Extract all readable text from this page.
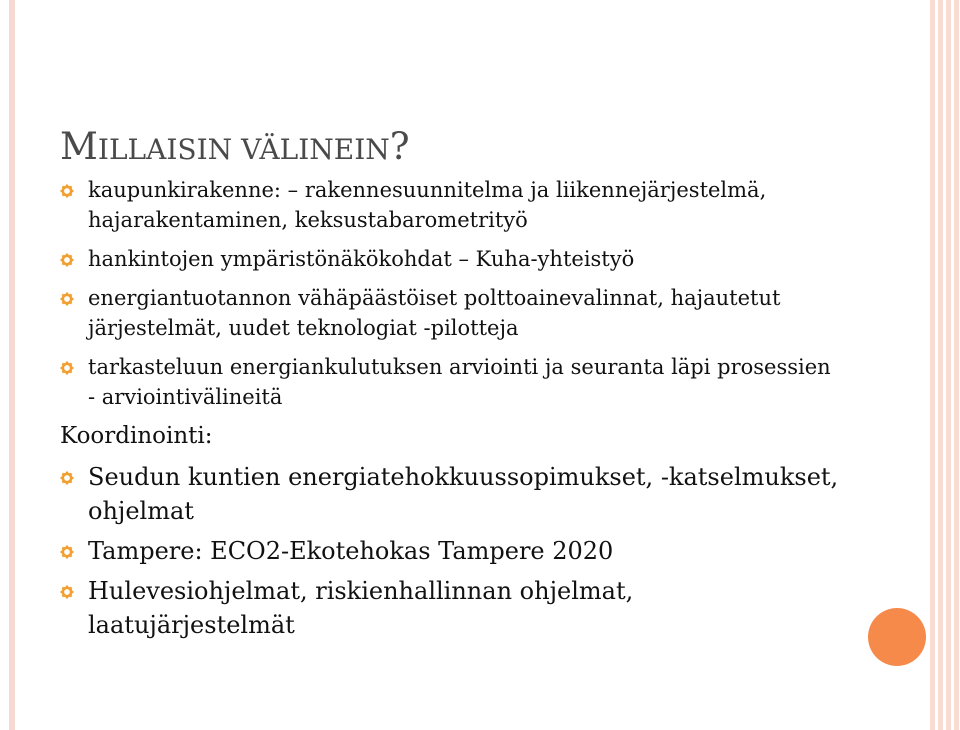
MILLAISIN VÄLINEIN?
kaupunkirakenne: – rakennesuunnitelma ja liikennejärjestelmä, hajarakentaminen, keksustabarometrityö
hankintojen ympäristönäkökohdat – Kuha-yhteistyö
energiantuotannon vähäpäästöiset polttoainevalinnat, hajautetut järjestelmät, uudet teknologiat -pilotteja
tarkasteluun energiankulutuksen arviointi ja seuranta läpi prosessien - arviointivälineitä
Koordinointi:
Seudun kuntien energiatehokkuussopimukset, -katselmukset, ohjelmat
Tampere: ECO2-Ekotehokas Tampere 2020
Hulevesiohjelmat, riskienhallinnan ohjelmat, laatujärjestelmät
